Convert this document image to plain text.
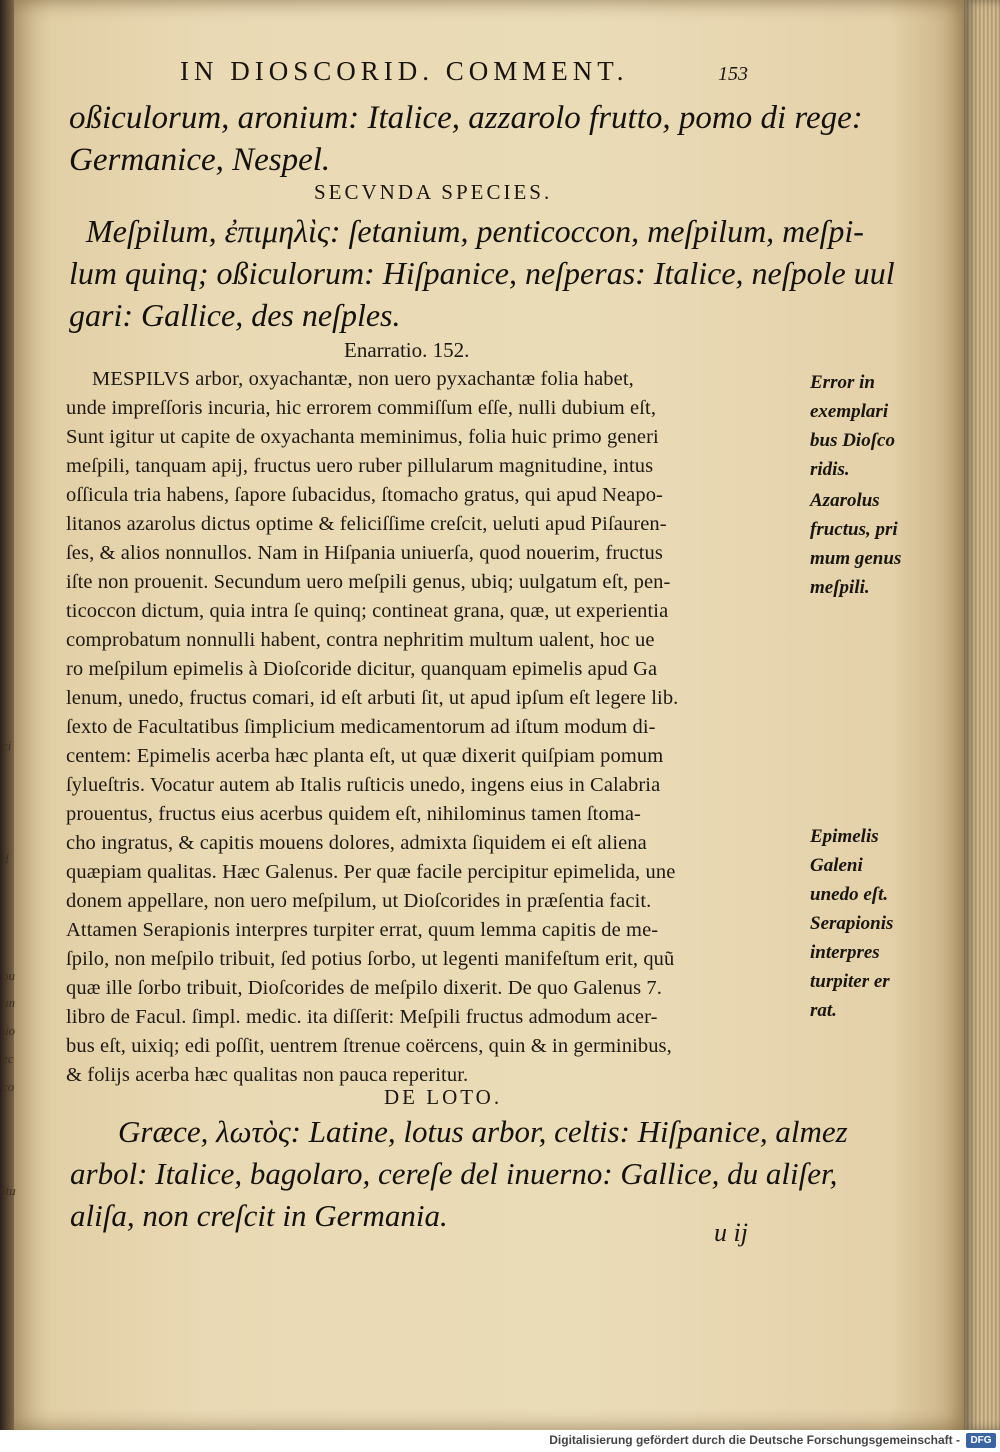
IN DIOSCORID. COMMENT.	153
oßiculorum, aronium: Italice, azzarolo frutto, pomo di rege:
Germanice, Nespel.
SECVNDA SPECIES.
Meſpilum, ἐπιμηλὶς: ſetanium, penticoccon, meſpilum, meſpi-
lum quinq; oßiculorum: Hiſpanice, neſperas: Italice, neſpole uul
gari: Gallice, des neſples.
Enarratio. 152.
MESPILVS arbor, oxyachantæ, non uero pyxachantæ folia habet,
unde impreſſoris incuria, hic errorem commiſſum eſſe, nulli dubium eſt,
Sunt igitur ut capite de oxyachanta meminimus, folia huic primo generi
meſpili, tanquam apij, fructus uero ruber pillularum magnitudine, intus
oſſicula tria habens, ſapore ſubacidus, ſtomacho gratus, qui apud Neapo-
litanos azarolus dictus optime & feliciſſime creſcit, ueluti apud Piſauren-
ſes, & alios nonnullos. Nam in Hiſpania uniuerſa, quod nouerim, fructus
iſte non prouenit. Secundum uero meſpili genus, ubiq; uulgatum eſt, pen-
ticoccon dictum, quia intra ſe quinq; contineat grana, quæ, ut experientia
comprobatum nonnulli habent, contra nephritim multum ualent, hoc ue
ro meſpilum epimelis à Dioſcoride dicitur, quanquam epimelis apud Ga
lenum, unedo, fructus comari, id eſt arbuti ſit, ut apud ipſum eſt legere lib.
ſexto de Facultatibus ſimplicium medicamentorum ad iſtum modum di-
centem: Epimelis acerba hæc planta eſt, ut quæ dixerit quiſpiam pomum
ſylueſtris. Vocatur autem ab Italis ruſticis unedo, ingens eius in Calabria
prouentus, fructus eius acerbus quidem eſt, nihilominus tamen ſtoma-
cho ingratus, & capitis mouens dolores, admixta ſiquidem ei eſt aliena
quæpiam qualitas. Hæc Galenus. Per quæ facile percipitur epimelida, une
donem appellare, non uero meſpilum, ut Dioſcorides in præſentia facit.
Attamen Serapionis interpres turpiter errat, quum lemma capitis de me-
ſpilo, non meſpilo tribuit, ſed potius ſorbo, ut legenti manifeſtum erit, quũ
quæ ille ſorbo tribuit, Dioſcorides de meſpilo dixerit. De quo Galenus 7.
libro de Facul. ſimpl. medic. ita diſſerit: Meſpili fructus admodum acer-
bus eſt, uixiq; edi poſſit, uentrem ſtrenue coërcens, quin & in germinibus,
& folijs acerba hæc qualitas non pauca reperitur.
Error in
exemplari
bus Dioſco
ridis.
Azarolus
fructus, pri
mum genus
meſpili.
Epimelis
Galeni
unedo eſt.
Serapionis
interpres
turpiter er
rat.
DE LOTO.
Græce, λωτὸς: Latine, lotus arbor, celtis: Hiſpanice, almez
arbol: Italice, bagolaro, cereſe del inuerno: Gallice, du aliſer,
aliſa, non creſcit in Germania.	u ij
ci
d
ou
un
uo
ec
co
itu
Digitalisierung gefördert durch die Deutsche Forschungsgemeinschaft -	DFG
